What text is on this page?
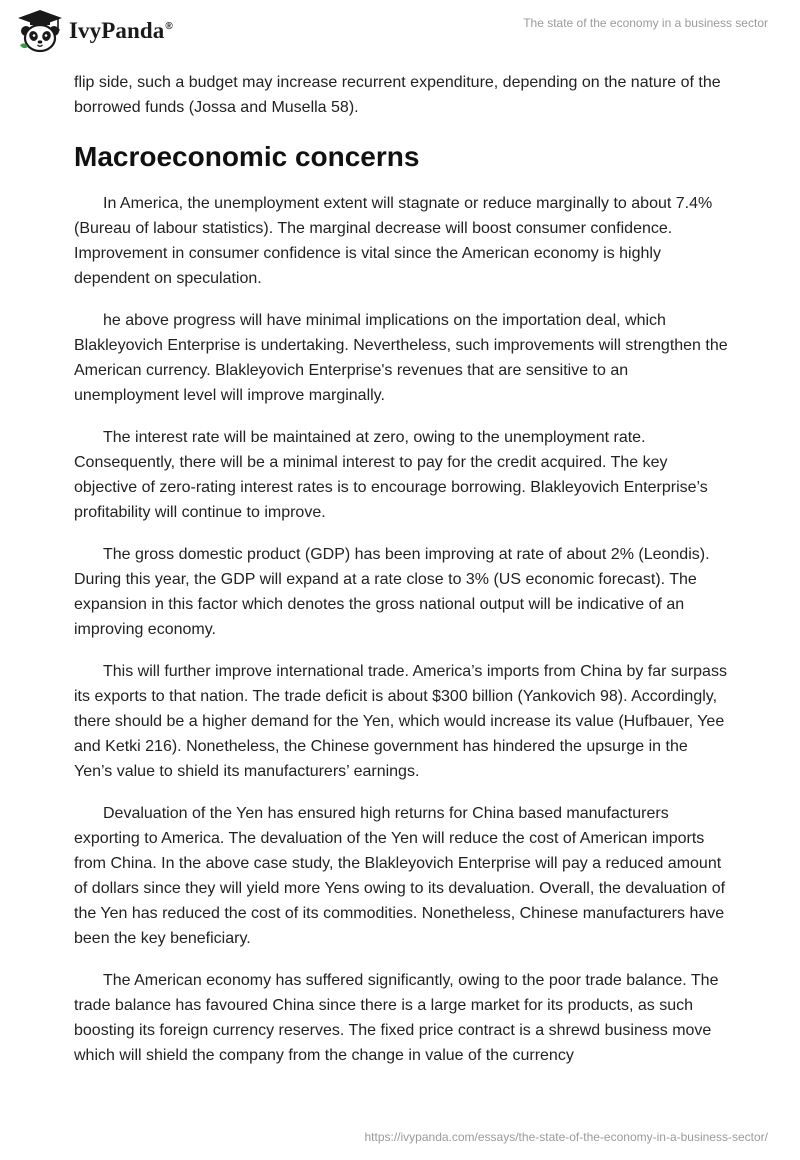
IvyPanda®	The state of the economy in a business sector

flip side, such a budget may increase recurrent expenditure, depending on the nature of the borrowed funds (Jossa and Musella 58).

Macroeconomic concerns

In America, the unemployment extent will stagnate or reduce marginally to about 7.4% (Bureau of labour statistics). The marginal decrease will boost consumer confidence. Improvement in consumer confidence is vital since the American economy is highly dependent on speculation.

he above progress will have minimal implications on the importation deal, which Blakleyovich Enterprise is undertaking. Nevertheless, such improvements will strengthen the American currency. Blakleyovich Enterprise's revenues that are sensitive to an unemployment level will improve marginally.

The interest rate will be maintained at zero, owing to the unemployment rate. Consequently, there will be a minimal interest to pay for the credit acquired. The key objective of zero-rating interest rates is to encourage borrowing. Blakleyovich Enterprise’s profitability will continue to improve.

The gross domestic product (GDP) has been improving at rate of about 2% (Leondis). During this year, the GDP will expand at a rate close to 3% (US economic forecast). The expansion in this factor which denotes the gross national output will be indicative of an improving economy.

This will further improve international trade. America’s imports from China by far surpass its exports to that nation. The trade deficit is about $300 billion (Yankovich 98). Accordingly, there should be a higher demand for the Yen, which would increase its value (Hufbauer, Yee and Ketki 216). Nonetheless, the Chinese government has hindered the upsurge in the Yen’s value to shield its manufacturers’ earnings.

Devaluation of the Yen has ensured high returns for China based manufacturers exporting to America. The devaluation of the Yen will reduce the cost of American imports from China. In the above case study, the Blakleyovich Enterprise will pay a reduced amount of dollars since they will yield more Yens owing to its devaluation. Overall, the devaluation of the Yen has reduced the cost of its commodities. Nonetheless, Chinese manufacturers have been the key beneficiary.

The American economy has suffered significantly, owing to the poor trade balance. The trade balance has favoured China since there is a large market for its products, as such boosting its foreign currency reserves. The fixed price contract is a shrewd business move which will shield the company from the change in value of the currency

https://ivypanda.com/essays/the-state-of-the-economy-in-a-business-sector/
